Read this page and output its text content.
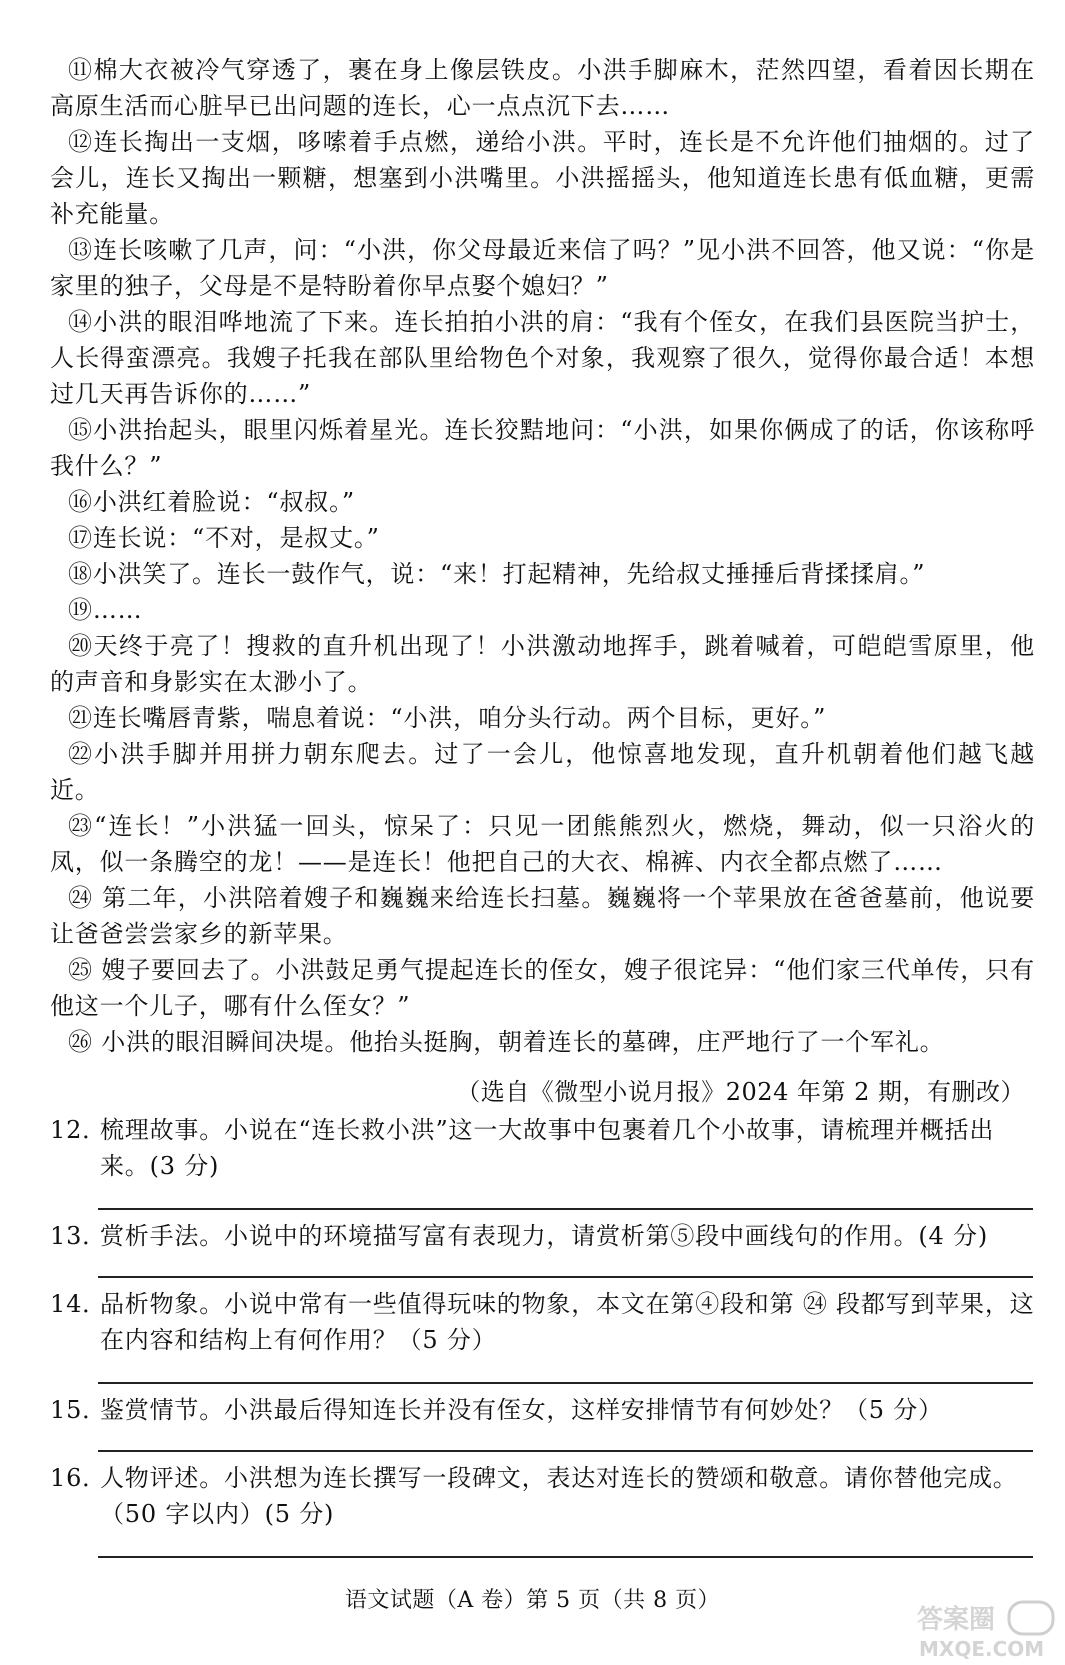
⑪棉大衣被冷气穿透了，裹在身上像层铁皮。小洪手脚麻木，茫然四望，看着因长期在高原生活而心脏早已出问题的连长，心一点点沉下去……

⑫连长掏出一支烟，哆嗦着手点燃，递给小洪。平时，连长是不允许他们抽烟的。过了会儿，连长又掏出一颗糖，想塞到小洪嘴里。小洪摇摇头，他知道连长患有低血糖，更需补充能量。

⑬连长咳嗽了几声，问：“小洪，你父母最近来信了吗？”见小洪不回答，他又说：“你是家里的独子，父母是不是特盼着你早点娶个媳妇？”

⑭小洪的眼泪哗地流了下来。连长拍拍小洪的肩：“我有个侄女，在我们县医院当护士，人长得蛮漂亮。我嫂子托我在部队里给物色个对象，我观察了很久，觉得你最合适！本想过几天再告诉你的……”

⑮小洪抬起头，眼里闪烁着星光。连长狡黠地问：“小洪，如果你俩成了的话，你该称呼我什么？”

⑯小洪红着脸说：“叔叔。”

⑰连长说：“不对，是叔丈。”

⑱小洪笑了。连长一鼓作气，说：“来！打起精神，先给叔丈捶捶后背揉揉肩。”

⑲……

⑳天终于亮了！搜救的直升机出现了！小洪激动地挥手，跳着喊着，可皑皑雪原里，他的声音和身影实在太渺小了。

㉑连长嘴唇青紫，喘息着说：“小洪，咱分头行动。两个目标，更好。”

㉒小洪手脚并用拼力朝东爬去。过了一会儿，他惊喜地发现，直升机朝着他们越飞越近。

㉓“连长！”小洪猛一回头，惊呆了：只见一团熊熊烈火，燃烧，舞动，似一只浴火的凤，似一条腾空的龙！——是连长！他把自己的大衣、棉裤、内衣全都点燃了……

㉔ 第二年，小洪陪着嫂子和巍巍来给连长扫墓。巍巍将一个苹果放在爸爸墓前，他说要让爸爸尝尝家乡的新苹果。

㉕ 嫂子要回去了。小洪鼓足勇气提起连长的侄女，嫂子很诧异：“他们家三代单传，只有他这一个儿子，哪有什么侄女？”

㉖ 小洪的眼泪瞬间决堤。他抬头挺胸，朝着连长的墓碑，庄严地行了一个军礼。

（选自《微型小说月报》2024 年第 2 期，有删改）

12．梳理故事。小说在“连长救小洪”这一大故事中包裹着几个小故事，请梳理并概括出
来。(3 分)

13．赏析手法。小说中的环境描写富有表现力，请赏析第⑤段中画线句的作用。(4 分)

14．品析物象。小说中常有一些值得玩味的物象，本文在第④段和第 ㉔ 段都写到苹果，这
在内容和结构上有何作用？（5 分）

15．鉴赏情节。小洪最后得知连长并没有侄女，这样安排情节有何妙处？（5 分）

16．人物评述。小洪想为连长撰写一段碑文，表达对连长的赞颂和敬意。请你替他完成。
（50 字以内）(5 分)

语文试题（A 卷）第 5 页（共 8 页）
答案圈
MXQE.COM
